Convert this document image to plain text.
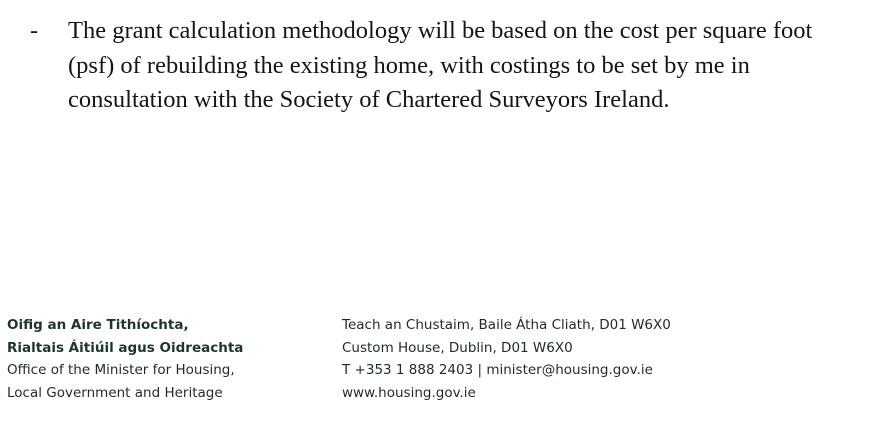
- The grant calculation methodology will be based on the cost per square foot
(psf) of rebuilding the existing home, with costings to be set by me in
consultation with the Society of Chartered Surveyors Ireland.
Oifig an Aire Tithíochta,
Rialtais Áitiúil agus Oidreachta
Office of the Minister for Housing,
Local Government and Heritage
Teach an Chustaim, Baile Átha Cliath, D01 W6X0
Custom House, Dublin, D01 W6X0
T +353 1 888 2403 | minister@housing.gov.ie
www.housing.gov.ie
